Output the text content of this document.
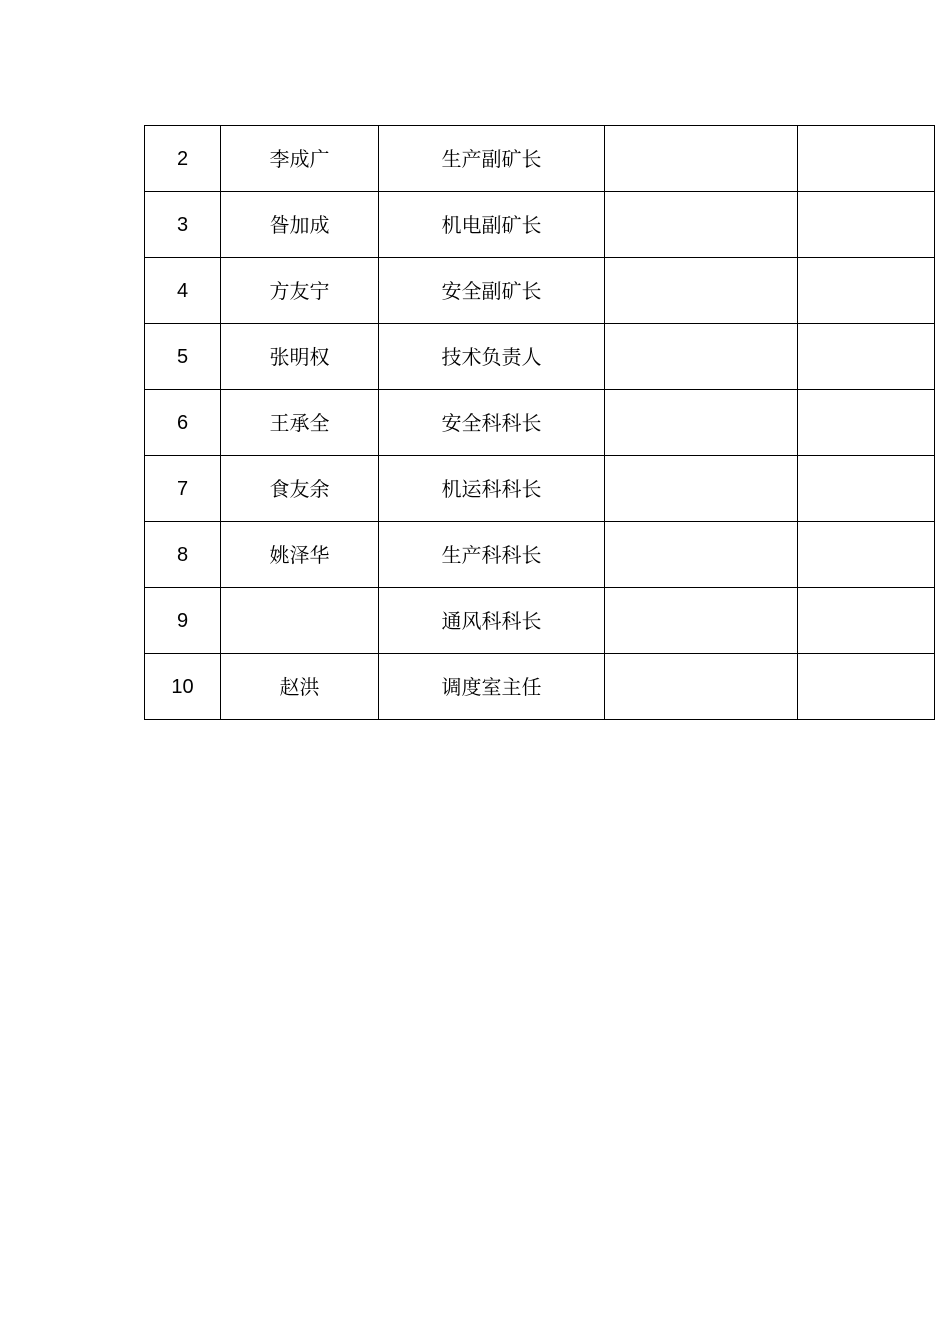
2	李成广	生产副矿长		
3	昝加成	机电副矿长		
4	方友宁	安全副矿长		
5	张明权	技术负责人		
6	王承全	安全科科长		
7	食友余	机运科科长		
8	姚泽华	生产科科长		
9		通风科科长		
10	赵洪	调度室主任		
